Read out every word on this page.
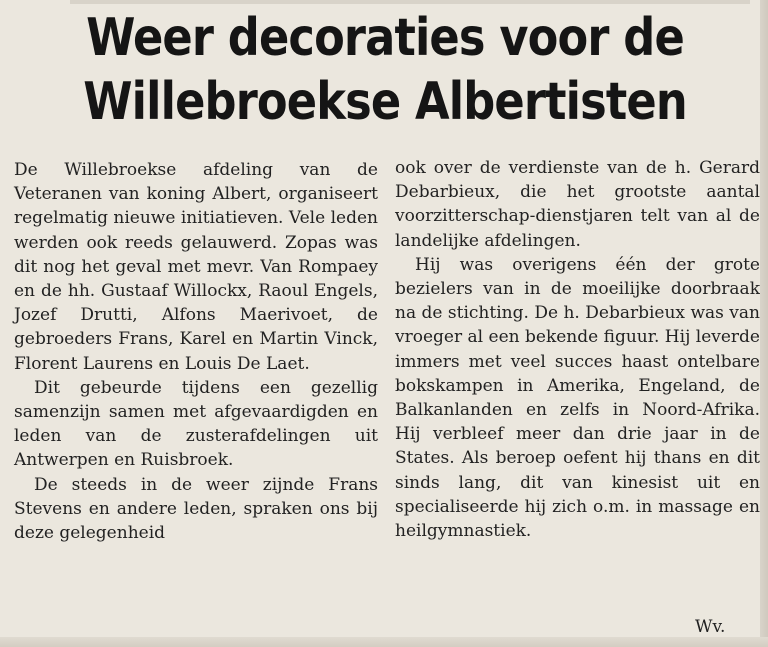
Weer decoraties voor de
Willebroekse Albertisten

De Willebroekse afdeling van de Veteranen van koning Albert, organiseert regelmatig nieuwe initiatieven. Vele leden werden ook reeds gelauwerd. Zopas was dit nog het geval met mevr. Van Rompaey en de hh. Gustaaf Willockx, Raoul Engels, Jozef Drutti, Alfons Maerivoet, de gebroeders Frans, Karel en Martin Vinck, Florent Laurens en Louis De Laet.

Dit gebeurde tijdens een gezellig samenzijn samen met afgevaardigden en leden van de zusterafdelingen uit Antwerpen en Ruisbroek.

De steeds in de weer zijnde Frans Stevens en andere leden, spraken ons bij deze gelegenheid

ook over de verdienste van de h. Gerard Debarbieux, die het grootste aantal voorzitterschap-dienstjaren telt van al de landelijke afdelingen.

Hij was overigens één der grote bezielers van in de moeilijke doorbraak na de stichting. De h. Debarbieux was van vroeger al een bekende figuur. Hij leverde immers met veel succes haast ontelbare bokskampen in Amerika, Engeland, de Balkanlanden en zelfs in Noord-Afrika. Hij verbleef meer dan drie jaar in de States. Als beroep oefent hij thans en dit sinds lang, dit van kinesist uit en specialiseerde hij zich o.m. in massage en heilgymnastiek.

Wv.
